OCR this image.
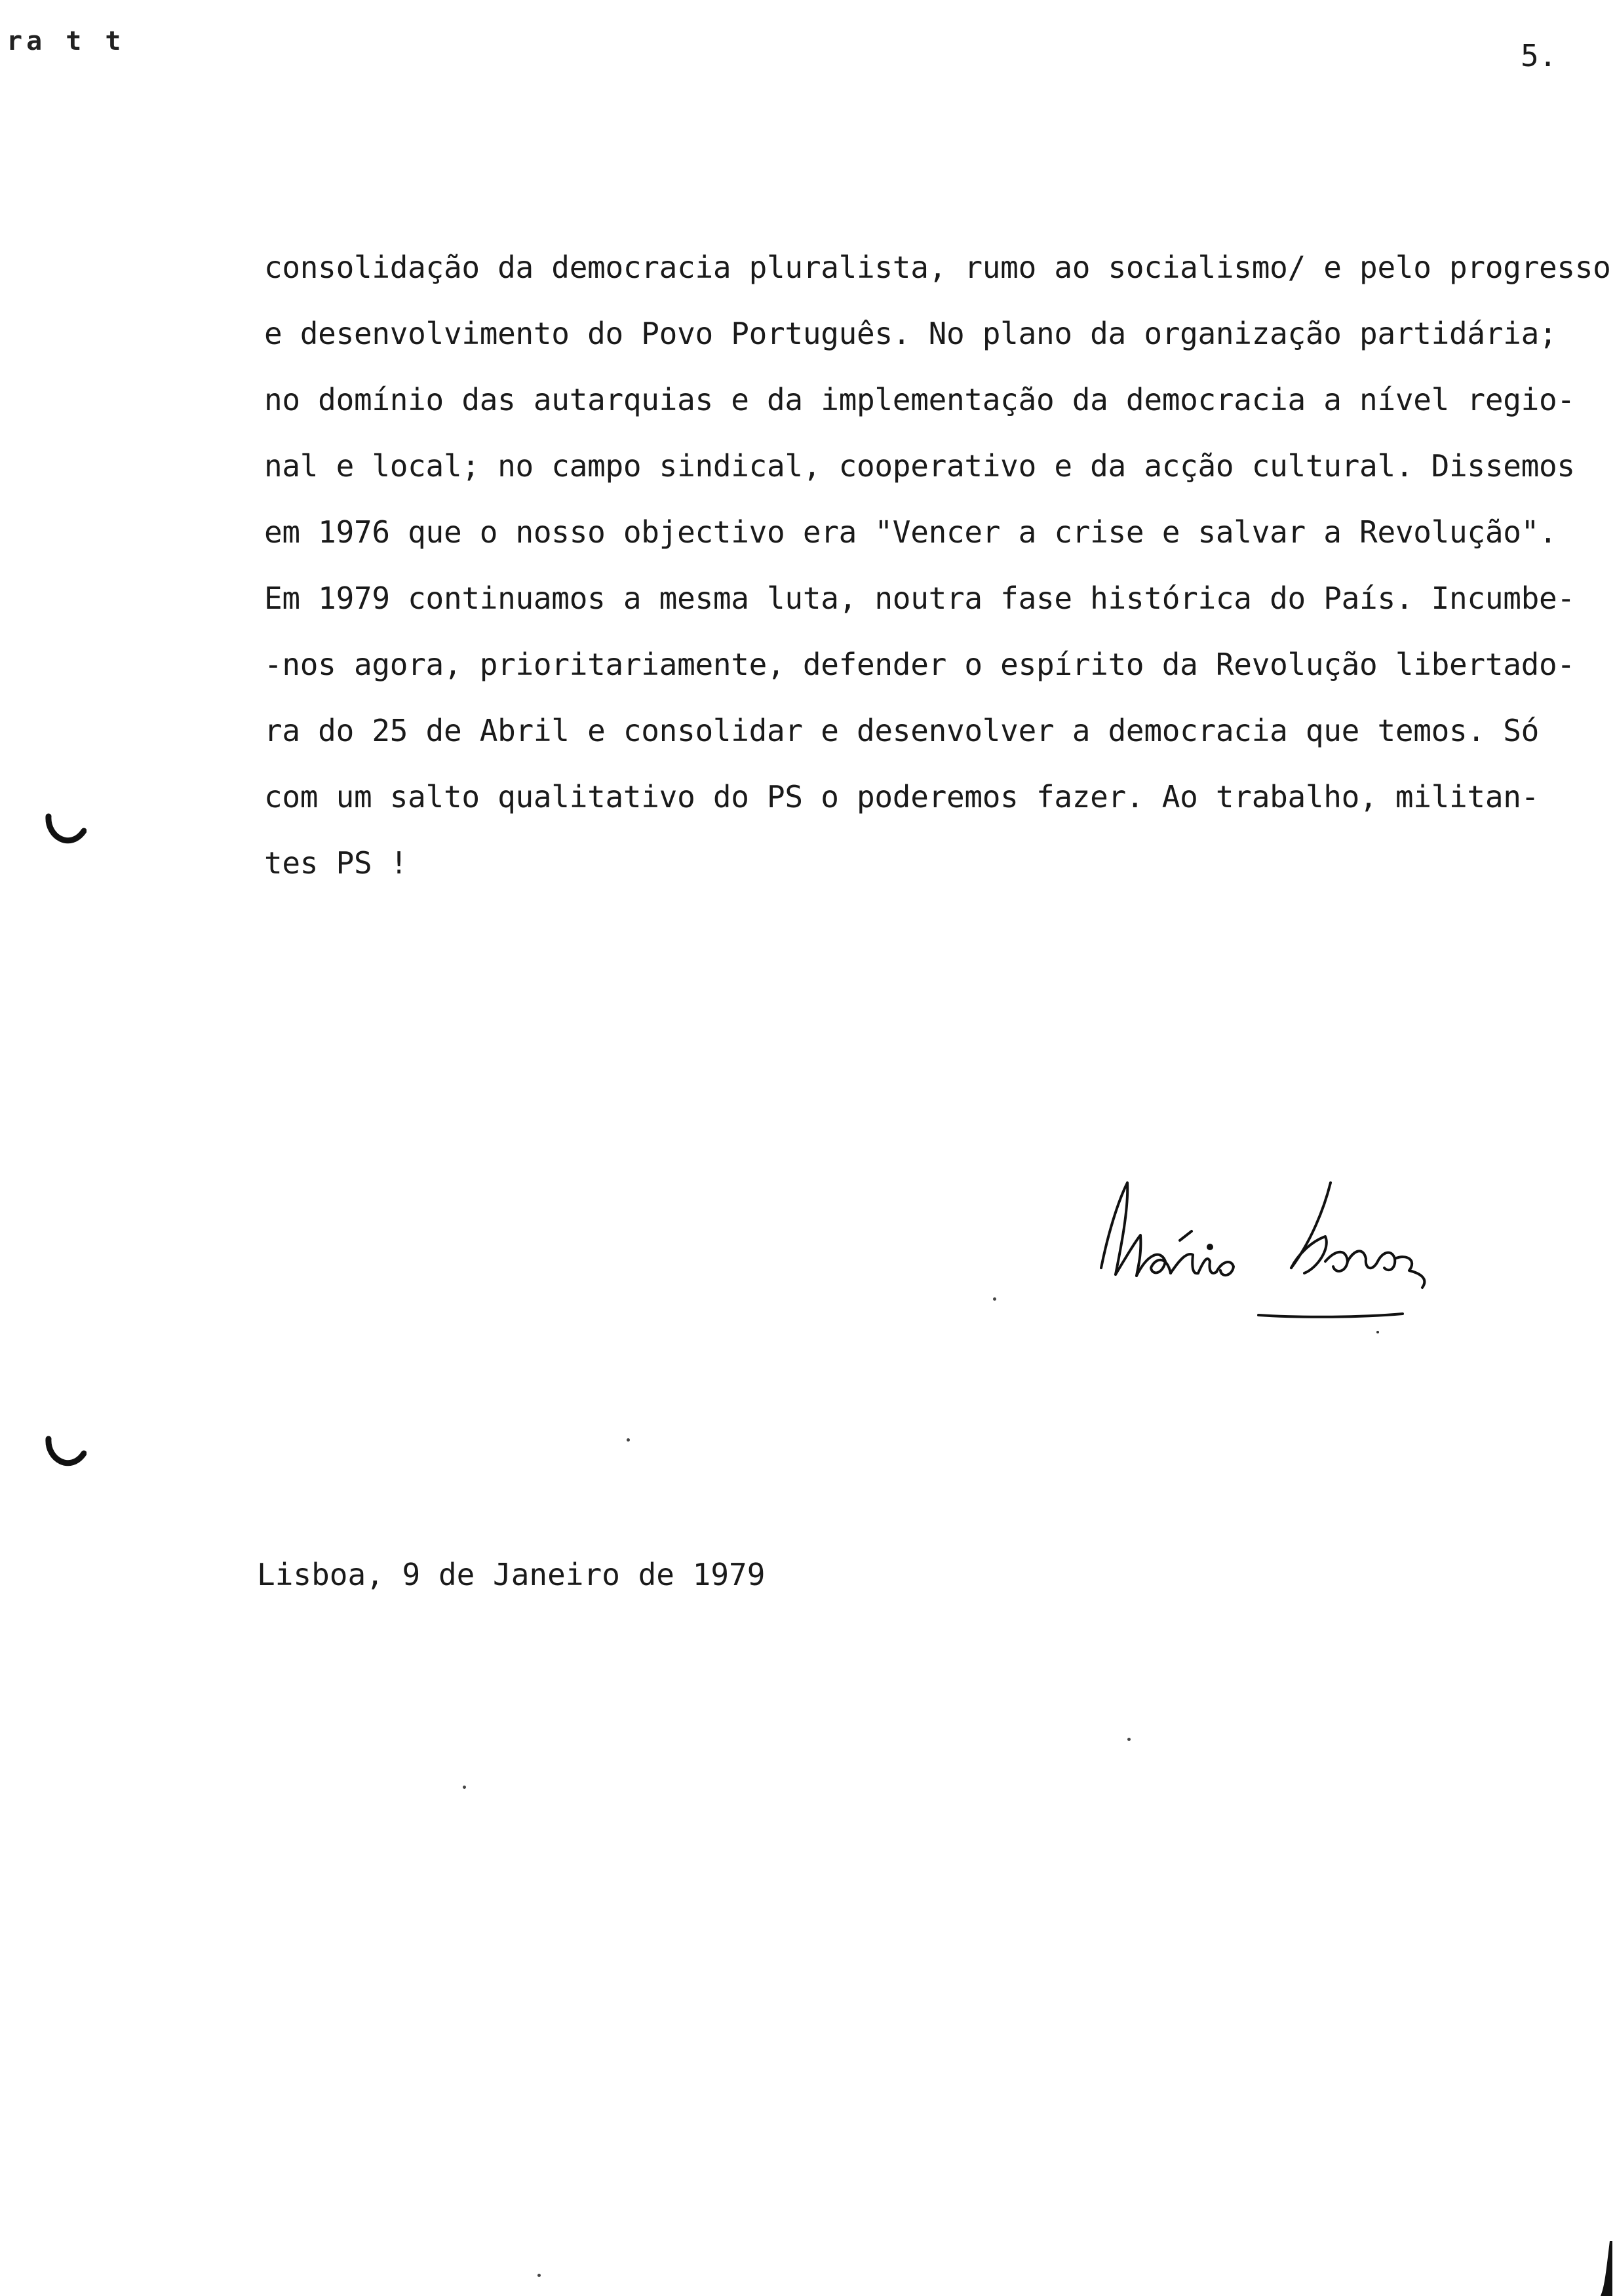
ra t t	5.
consolidação da democracia pluralista, rumo ao socialismo/ e pelo progresso
e desenvolvimento do Povo Português. No plano da organização partidária;
no domínio das autarquias e da implementação da democracia a nível regio-
nal e local; no campo sindical, cooperativo e da acção cultural. Dissemos
em 1976 que o nosso objectivo era "Vencer a crise e salvar a Revolução".
Em 1979 continuamos a mesma luta, noutra fase histórica do País. Incumbe-
-nos agora, prioritariamente, defender o espírito da Revolução libertado-
ra do 25 de Abril e consolidar e desenvolver a democracia que temos. Só
com um salto qualitativo do PS o poderemos fazer. Ao trabalho, militan-
tes PS !
Lisboa, 9 de Janeiro de 1979
